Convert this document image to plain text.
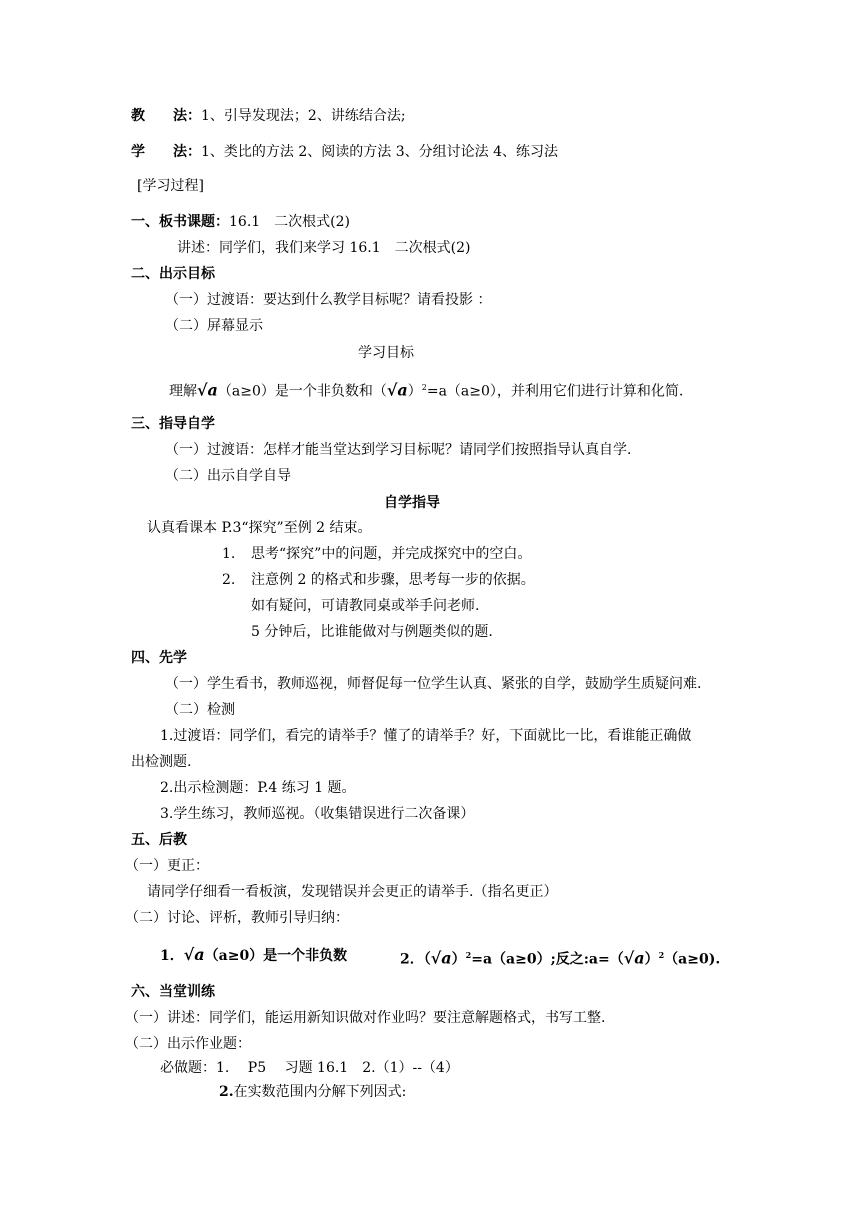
教　　法：1、引导发现法；2、讲练结合法;
学　　法：1、类比的方法 2、阅读的方法 3、分组讨论法 4、练习法
[学习过程]
一、板书课题：16.1　二次根式(2)
讲述：同学们，我们来学习 16.1　二次根式(2)
二、出示目标
（一）过渡语：要达到什么教学目标呢？请看投影 ：
（二）屏幕显示
学习目标
理解√a（a≥0）是一个非负数和$(√a)^2=a(a\ge 0)$，并利用它们进行计算和化简.
三、指导自学
（一）过渡语：怎样才能当堂达到学习目标呢？请同学们按照指导认真自学.
（二）出示自学自导
自学指导
认真看课本 P.3“探究”至例 2 结束。
1. 思考“探究”中的问题，并完成探究中的空白。
2. 注意例 2 的格式和步骤，思考每一步的依据。
如有疑问，可请教同桌或举手问老师.
5 分钟后，比谁能做对与例题类似的题.
四、先学
（一）学生看书，教师巡视，师督促每一位学生认真、紧张的自学，鼓励学生质疑问难.
（二）检测
1.过渡语：同学们，看完的请举手？懂了的请举手？好，下面就比一比，看谁能正确做
出检测题.
2.出示检测题：P.4 练习 1 题。
3.学生练习，教师巡视。（收集错误进行二次备课）
五、后教
（一）更正：
请同学仔细看一看板演，发现错误并会更正的请举手.（指名更正）
（二）讨论、评析，教师引导归纳：
1．√a（a≥0）是一个非负数	2．$(√a)^2=a(a\ge 0)$;反之$:a=(√a)^2(a\ge 0)$.
六、当堂训练
（一）讲述：同学们，能运用新知识做对作业吗？要注意解题格式，书写工整.
（二）出示作业题：
必做题：1.　 P5　 习题 16.1　2.（1）--（4）
2.在实数范围内分解下列因式:
